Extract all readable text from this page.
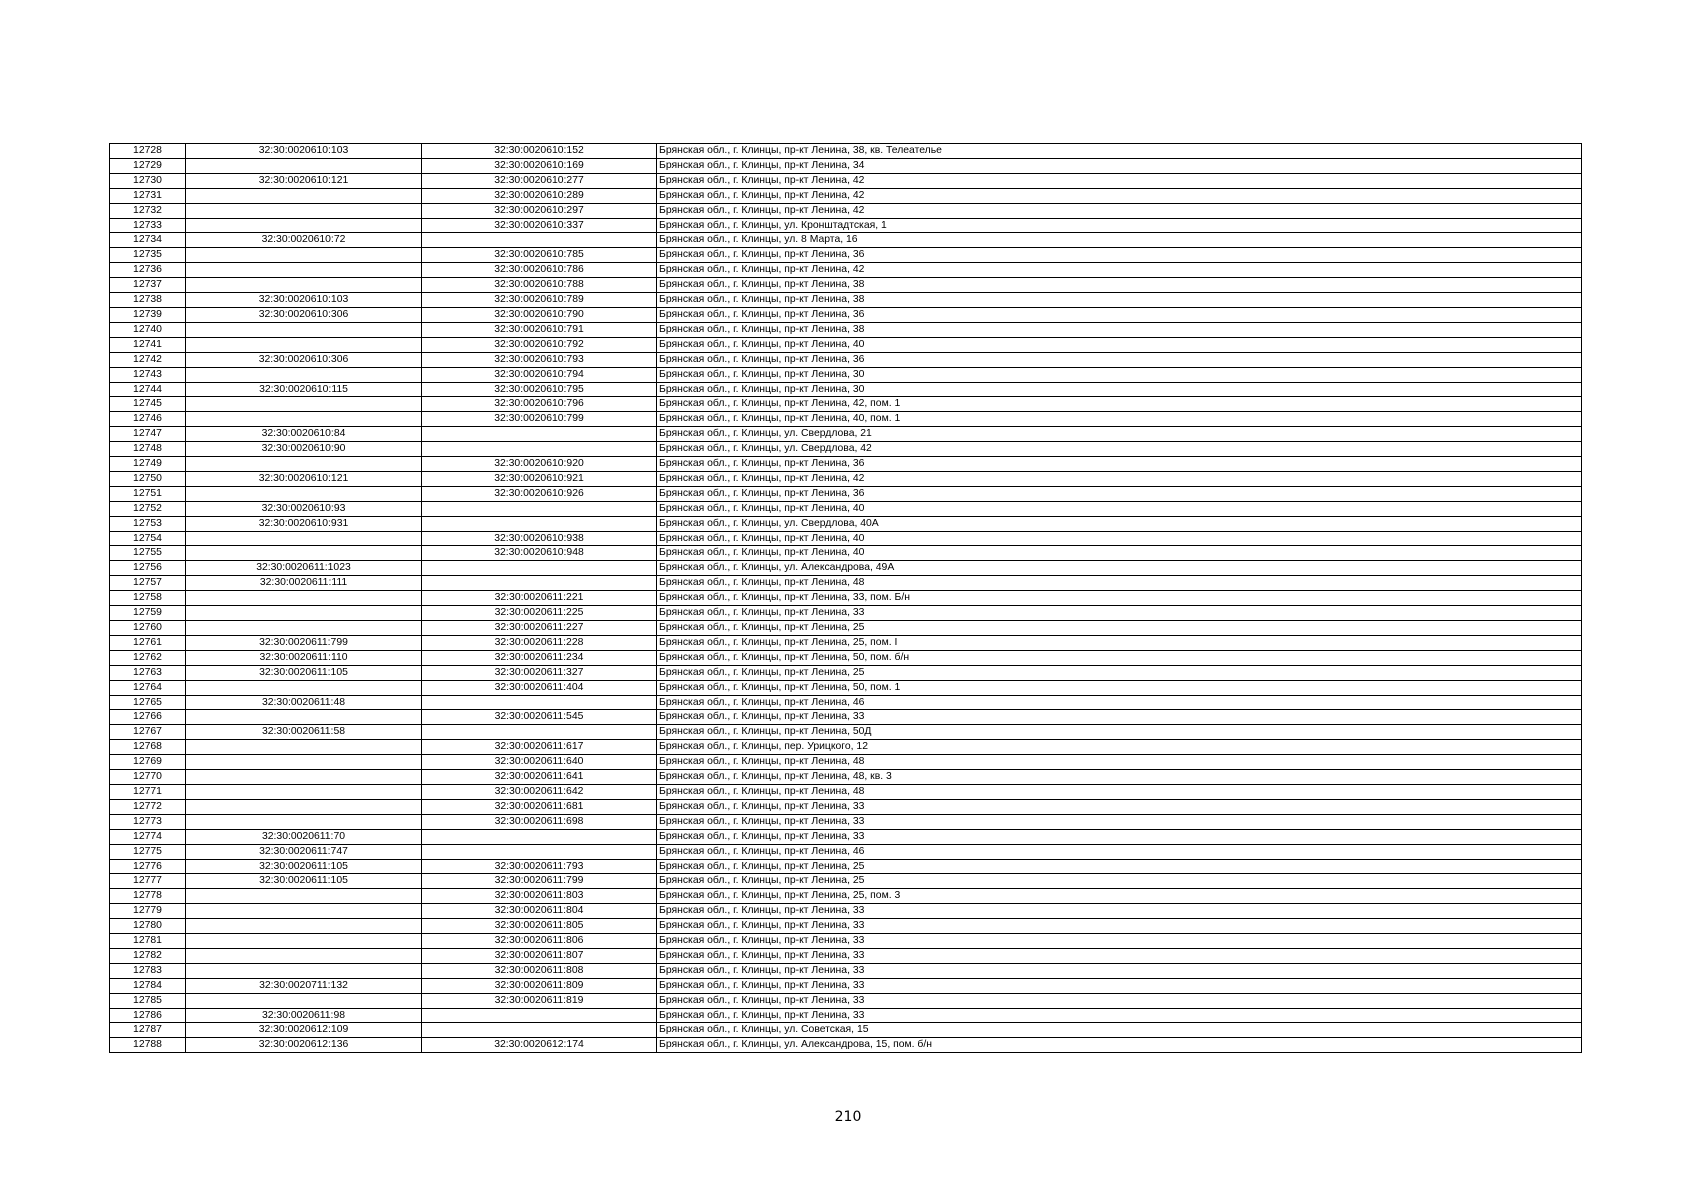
12728	32:30:0020610:103	32:30:0020610:152	Брянская обл., г. Клинцы, пр-кт Ленина, 38, кв. Телеателье
12729		32:30:0020610:169	Брянская обл., г. Клинцы, пр-кт Ленина, 34
12730	32:30:0020610:121	32:30:0020610:277	Брянская обл., г. Клинцы, пр-кт Ленина, 42
12731		32:30:0020610:289	Брянская обл., г. Клинцы, пр-кт Ленина, 42
12732		32:30:0020610:297	Брянская обл., г. Клинцы, пр-кт Ленина, 42
12733		32:30:0020610:337	Брянская обл., г. Клинцы, ул. Кронштадтская, 1
12734	32:30:0020610:72		Брянская обл., г. Клинцы, ул. 8 Марта, 16
12735		32:30:0020610:785	Брянская обл., г. Клинцы, пр-кт Ленина, 36
12736		32:30:0020610:786	Брянская обл., г. Клинцы, пр-кт Ленина, 42
12737		32:30:0020610:788	Брянская обл., г. Клинцы, пр-кт Ленина, 38
12738	32:30:0020610:103	32:30:0020610:789	Брянская обл., г. Клинцы, пр-кт Ленина, 38
12739	32:30:0020610:306	32:30:0020610:790	Брянская обл., г. Клинцы, пр-кт Ленина, 36
12740		32:30:0020610:791	Брянская обл., г. Клинцы, пр-кт Ленина, 38
12741		32:30:0020610:792	Брянская обл., г. Клинцы, пр-кт Ленина, 40
12742	32:30:0020610:306	32:30:0020610:793	Брянская обл., г. Клинцы, пр-кт Ленина, 36
12743		32:30:0020610:794	Брянская обл., г. Клинцы, пр-кт Ленина, 30
12744	32:30:0020610:115	32:30:0020610:795	Брянская обл., г. Клинцы, пр-кт Ленина, 30
12745		32:30:0020610:796	Брянская обл., г. Клинцы, пр-кт Ленина, 42, пом. 1
12746		32:30:0020610:799	Брянская обл., г. Клинцы, пр-кт Ленина, 40, пом. 1
12747	32:30:0020610:84		Брянская обл., г. Клинцы, ул. Свердлова, 21
12748	32:30:0020610:90		Брянская обл., г. Клинцы, ул. Свердлова, 42
12749		32:30:0020610:920	Брянская обл., г. Клинцы, пр-кт Ленина, 36
12750	32:30:0020610:121	32:30:0020610:921	Брянская обл., г. Клинцы, пр-кт Ленина, 42
12751		32:30:0020610:926	Брянская обл., г. Клинцы, пр-кт Ленина, 36
12752	32:30:0020610:93		Брянская обл., г. Клинцы, пр-кт Ленина, 40
12753	32:30:0020610:931		Брянская обл., г. Клинцы, ул. Свердлова, 40А
12754		32:30:0020610:938	Брянская обл., г. Клинцы, пр-кт Ленина, 40
12755		32:30:0020610:948	Брянская обл., г. Клинцы, пр-кт Ленина, 40
12756	32:30:0020611:1023		Брянская обл., г. Клинцы, ул. Александрова, 49А
12757	32:30:0020611:111		Брянская обл., г. Клинцы, пр-кт Ленина, 48
12758		32:30:0020611:221	Брянская обл., г. Клинцы, пр-кт Ленина, 33, пом. Б/н
12759		32:30:0020611:225	Брянская обл., г. Клинцы, пр-кт Ленина, 33
12760		32:30:0020611:227	Брянская обл., г. Клинцы, пр-кт Ленина, 25
12761	32:30:0020611:799	32:30:0020611:228	Брянская обл., г. Клинцы, пр-кт Ленина, 25, пом. I
12762	32:30:0020611:110	32:30:0020611:234	Брянская обл., г. Клинцы, пр-кт Ленина, 50, пом. б/н
12763	32:30:0020611:105	32:30:0020611:327	Брянская обл., г. Клинцы, пр-кт Ленина, 25
12764		32:30:0020611:404	Брянская обл., г. Клинцы, пр-кт Ленина, 50, пом. 1
12765	32:30:0020611:48		Брянская обл., г. Клинцы, пр-кт Ленина, 46
12766		32:30:0020611:545	Брянская обл., г. Клинцы, пр-кт Ленина, 33
12767	32:30:0020611:58		Брянская обл., г. Клинцы, пр-кт Ленина, 50Д
12768		32:30:0020611:617	Брянская обл., г. Клинцы, пер. Урицкого, 12
12769		32:30:0020611:640	Брянская обл., г. Клинцы, пр-кт Ленина, 48
12770		32:30:0020611:641	Брянская обл., г. Клинцы, пр-кт Ленина, 48, кв. 3
12771		32:30:0020611:642	Брянская обл., г. Клинцы, пр-кт Ленина, 48
12772		32:30:0020611:681	Брянская обл., г. Клинцы, пр-кт Ленина, 33
12773		32:30:0020611:698	Брянская обл., г. Клинцы, пр-кт Ленина, 33
12774	32:30:0020611:70		Брянская обл., г. Клинцы, пр-кт Ленина, 33
12775	32:30:0020611:747		Брянская обл., г. Клинцы, пр-кт Ленина, 46
12776	32:30:0020611:105	32:30:0020611:793	Брянская обл., г. Клинцы, пр-кт Ленина, 25
12777	32:30:0020611:105	32:30:0020611:799	Брянская обл., г. Клинцы, пр-кт Ленина, 25
12778		32:30:0020611:803	Брянская обл., г. Клинцы, пр-кт Ленина, 25, пом. 3
12779		32:30:0020611:804	Брянская обл., г. Клинцы, пр-кт Ленина, 33
12780		32:30:0020611:805	Брянская обл., г. Клинцы, пр-кт Ленина, 33
12781		32:30:0020611:806	Брянская обл., г. Клинцы, пр-кт Ленина, 33
12782		32:30:0020611:807	Брянская обл., г. Клинцы, пр-кт Ленина, 33
12783		32:30:0020611:808	Брянская обл., г. Клинцы, пр-кт Ленина, 33
12784	32:30:0020711:132	32:30:0020611:809	Брянская обл., г. Клинцы, пр-кт Ленина, 33
12785		32:30:0020611:819	Брянская обл., г. Клинцы, пр-кт Ленина, 33
12786	32:30:0020611:98		Брянская обл., г. Клинцы, пр-кт Ленина, 33
12787	32:30:0020612:109		Брянская обл., г. Клинцы, ул. Советская, 15
12788	32:30:0020612:136	32:30:0020612:174	Брянская обл., г. Клинцы, ул. Александрова, 15, пом. б/н
210
